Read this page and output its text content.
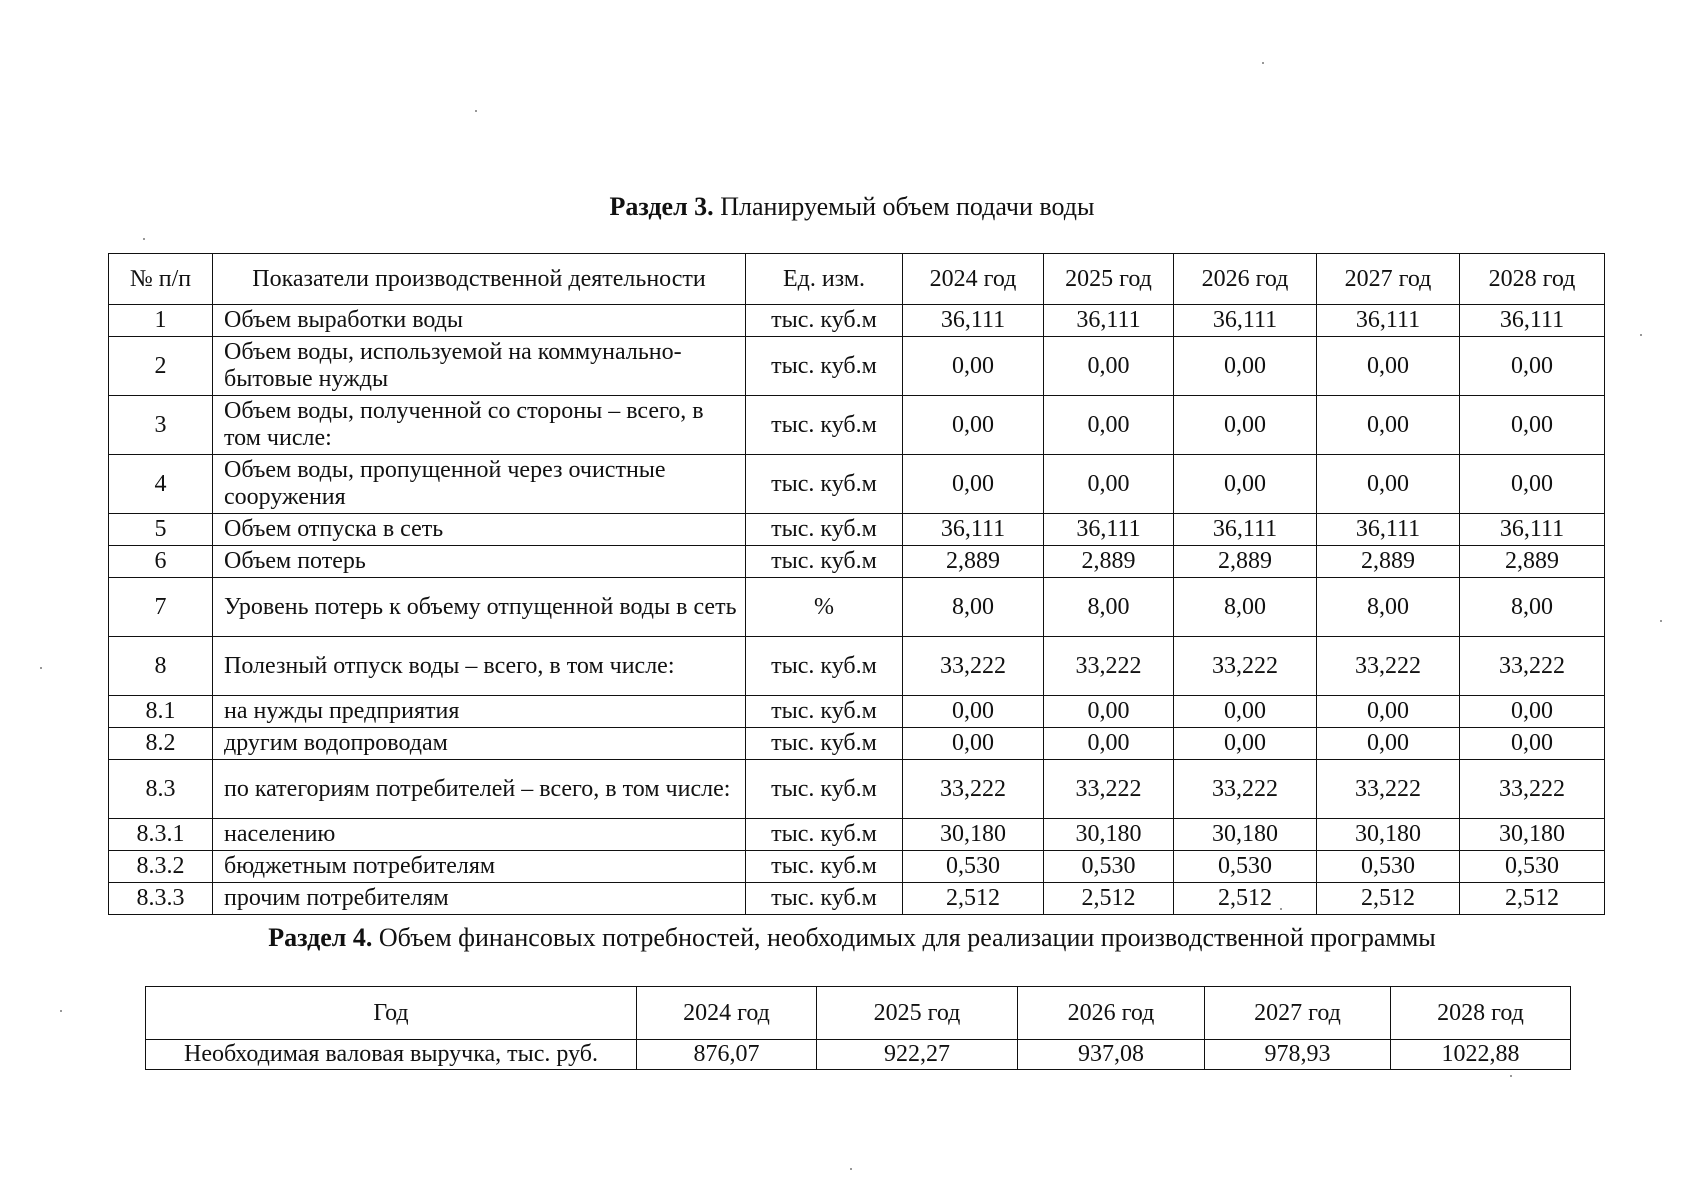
Раздел 3. Планируемый объем подачи воды
№ п/п	Показатели производственной деятельности	Ед. изм.	2024 год	2025 год	2026 год	2027 год	2028 год
1	Объем выработки воды	тыс. куб.м	36,111	36,111	36,111	36,111	36,111
2	Объем воды, используемой на коммунально-бытовые нужды	тыс. куб.м	0,00	0,00	0,00	0,00	0,00
3	Объем воды, полученной со стороны – всего, в том числе:	тыс. куб.м	0,00	0,00	0,00	0,00	0,00
4	Объем воды, пропущенной через очистные сооружения	тыс. куб.м	0,00	0,00	0,00	0,00	0,00
5	Объем отпуска в сеть	тыс. куб.м	36,111	36,111	36,111	36,111	36,111
6	Объем потерь	тыс. куб.м	2,889	2,889	2,889	2,889	2,889
7	Уровень потерь к объему отпущенной воды в сеть	%	8,00	8,00	8,00	8,00	8,00
8	Полезный отпуск воды – всего, в том числе:	тыс. куб.м	33,222	33,222	33,222	33,222	33,222
8.1	на нужды предприятия	тыс. куб.м	0,00	0,00	0,00	0,00	0,00
8.2	другим водопроводам	тыс. куб.м	0,00	0,00	0,00	0,00	0,00
8.3	по категориям потребителей – всего, в том числе:	тыс. куб.м	33,222	33,222	33,222	33,222	33,222
8.3.1	населению	тыс. куб.м	30,180	30,180	30,180	30,180	30,180
8.3.2	бюджетным потребителям	тыс. куб.м	0,530	0,530	0,530	0,530	0,530
8.3.3	прочим потребителям	тыс. куб.м	2,512	2,512	2,512	2,512	2,512
Раздел 4. Объем финансовых потребностей, необходимых для реализации производственной программы
Год	2024 год	2025 год	2026 год	2027 год	2028 год
Необходимая валовая выручка, тыс. руб.	876,07	922,27	937,08	978,93	1022,88
